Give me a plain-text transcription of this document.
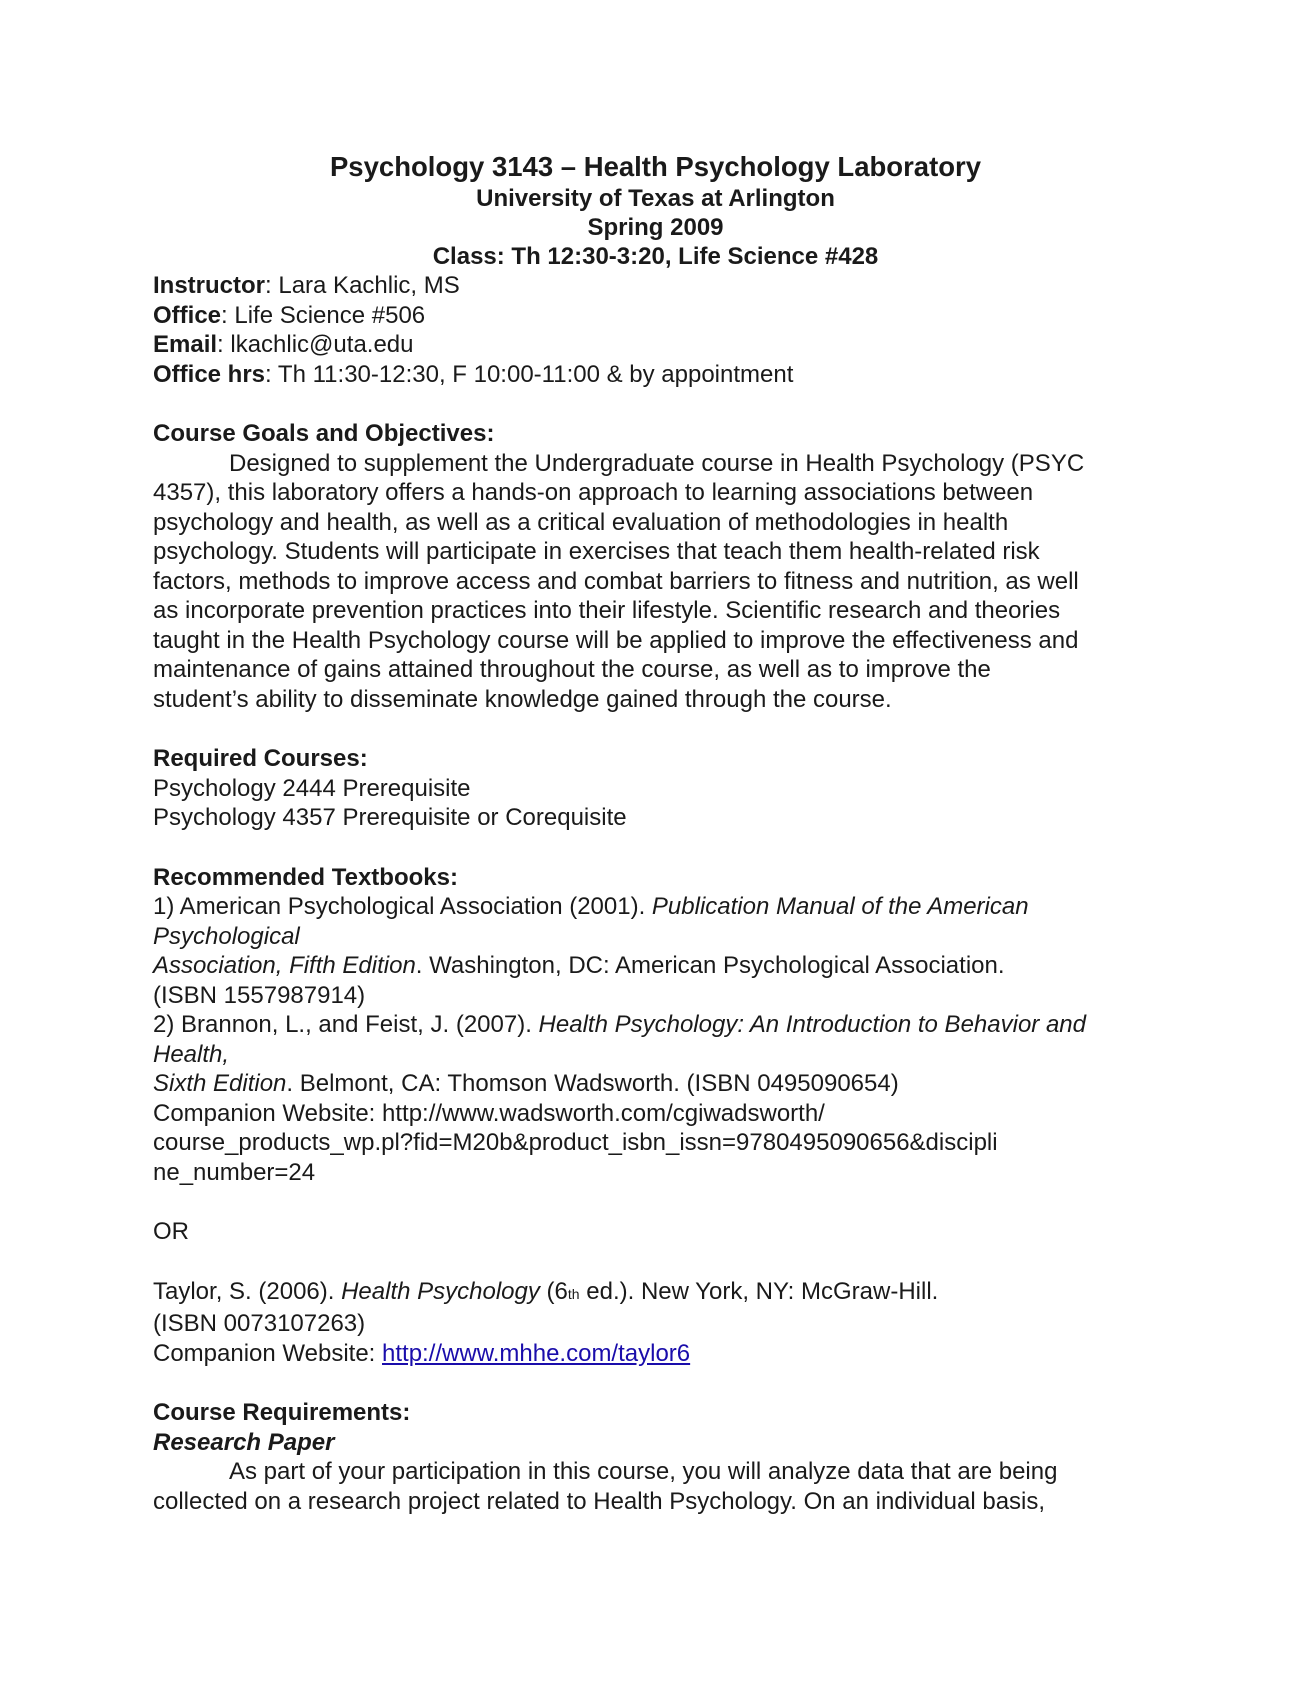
Psychology 3143 – Health Psychology Laboratory
University of Texas at Arlington
Spring 2009
Class: Th 12:30-3:20, Life Science #428
Instructor: Lara Kachlic, MS
Office: Life Science #506
Email: lkachlic@uta.edu
Office hrs: Th 11:30-12:30, F 10:00-11:00 & by appointment
Course Goals and Objectives:
Designed to supplement the Undergraduate course in Health Psychology (PSYC
4357), this laboratory offers a hands-on approach to learning associations between
psychology and health, as well as a critical evaluation of methodologies in health
psychology. Students will participate in exercises that teach them health-related risk
factors, methods to improve access and combat barriers to fitness and nutrition, as well
as incorporate prevention practices into their lifestyle. Scientific research and theories
taught in the Health Psychology course will be applied to improve the effectiveness and
maintenance of gains attained throughout the course, as well as to improve the
student’s ability to disseminate knowledge gained through the course.
Required Courses:
Psychology 2444 Prerequisite
Psychology 4357 Prerequisite or Corequisite
Recommended Textbooks:
1) American Psychological Association (2001). Publication Manual of the American
Psychological
Association, Fifth Edition. Washington, DC: American Psychological Association.
(ISBN 1557987914)
2) Brannon, L., and Feist, J. (2007). Health Psychology: An Introduction to Behavior and
Health,
Sixth Edition. Belmont, CA: Thomson Wadsworth. (ISBN 0495090654)
Companion Website: http://www.wadsworth.com/cgiwadsworth/
course_products_wp.pl?fid=M20b&product_isbn_issn=9780495090656&discipli
ne_number=24
OR
Taylor, S. (2006). Health Psychology (6th ed.). New York, NY: McGraw-Hill.
(ISBN 0073107263)
Companion Website: http://www.mhhe.com/taylor6
Course Requirements:
Research Paper
As part of your participation in this course, you will analyze data that are being
collected on a research project related to Health Psychology. On an individual basis,
